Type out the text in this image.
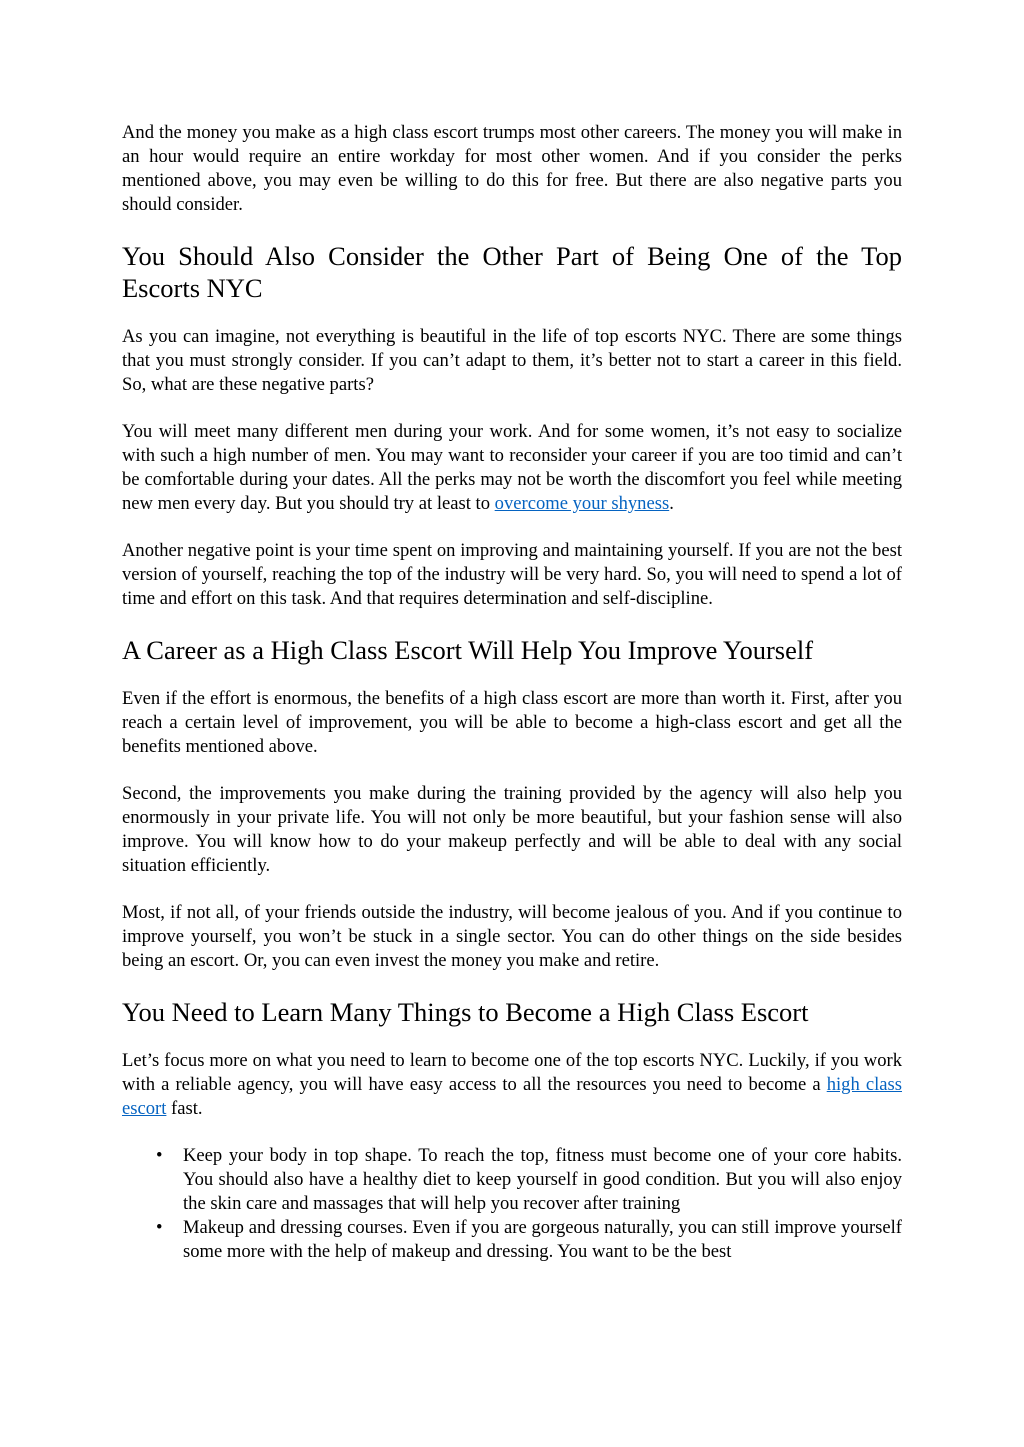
And the money you make as a high class escort trumps most other careers. The money you will make in an hour would require an entire workday for most other women. And if you consider the perks mentioned above, you may even be willing to do this for free. But there are also negative parts you should consider.

You Should Also Consider the Other Part of Being One of the Top Escorts NYC

As you can imagine, not everything is beautiful in the life of top escorts NYC. There are some things that you must strongly consider. If you can’t adapt to them, it’s better not to start a career in this field. So, what are these negative parts?

You will meet many different men during your work. And for some women, it’s not easy to socialize with such a high number of men. You may want to reconsider your career if you are too timid and can’t be comfortable during your dates. All the perks may not be worth the discomfort you feel while meeting new men every day. But you should try at least to overcome your shyness.

Another negative point is your time spent on improving and maintaining yourself. If you are not the best version of yourself, reaching the top of the industry will be very hard. So, you will need to spend a lot of time and effort on this task. And that requires determination and self-discipline.

A Career as a High Class Escort Will Help You Improve Yourself

Even if the effort is enormous, the benefits of a high class escort are more than worth it. First, after you reach a certain level of improvement, you will be able to become a high-class escort and get all the benefits mentioned above.

Second, the improvements you make during the training provided by the agency will also help you enormously in your private life. You will not only be more beautiful, but your fashion sense will also improve. You will know how to do your makeup perfectly and will be able to deal with any social situation efficiently.

Most, if not all, of your friends outside the industry, will become jealous of you. And if you continue to improve yourself, you won’t be stuck in a single sector. You can do other things on the side besides being an escort. Or, you can even invest the money you make and retire.

You Need to Learn Many Things to Become a High Class Escort

Let’s focus more on what you need to learn to become one of the top escorts NYC. Luckily, if you work with a reliable agency, you will have easy access to all the resources you need to become a high class escort fast.

• Keep your body in top shape. To reach the top, fitness must become one of your core habits. You should also have a healthy diet to keep yourself in good condition. But you will also enjoy the skin care and massages that will help you recover after training
• Makeup and dressing courses. Even if you are gorgeous naturally, you can still improve yourself some more with the help of makeup and dressing. You want to be the best
